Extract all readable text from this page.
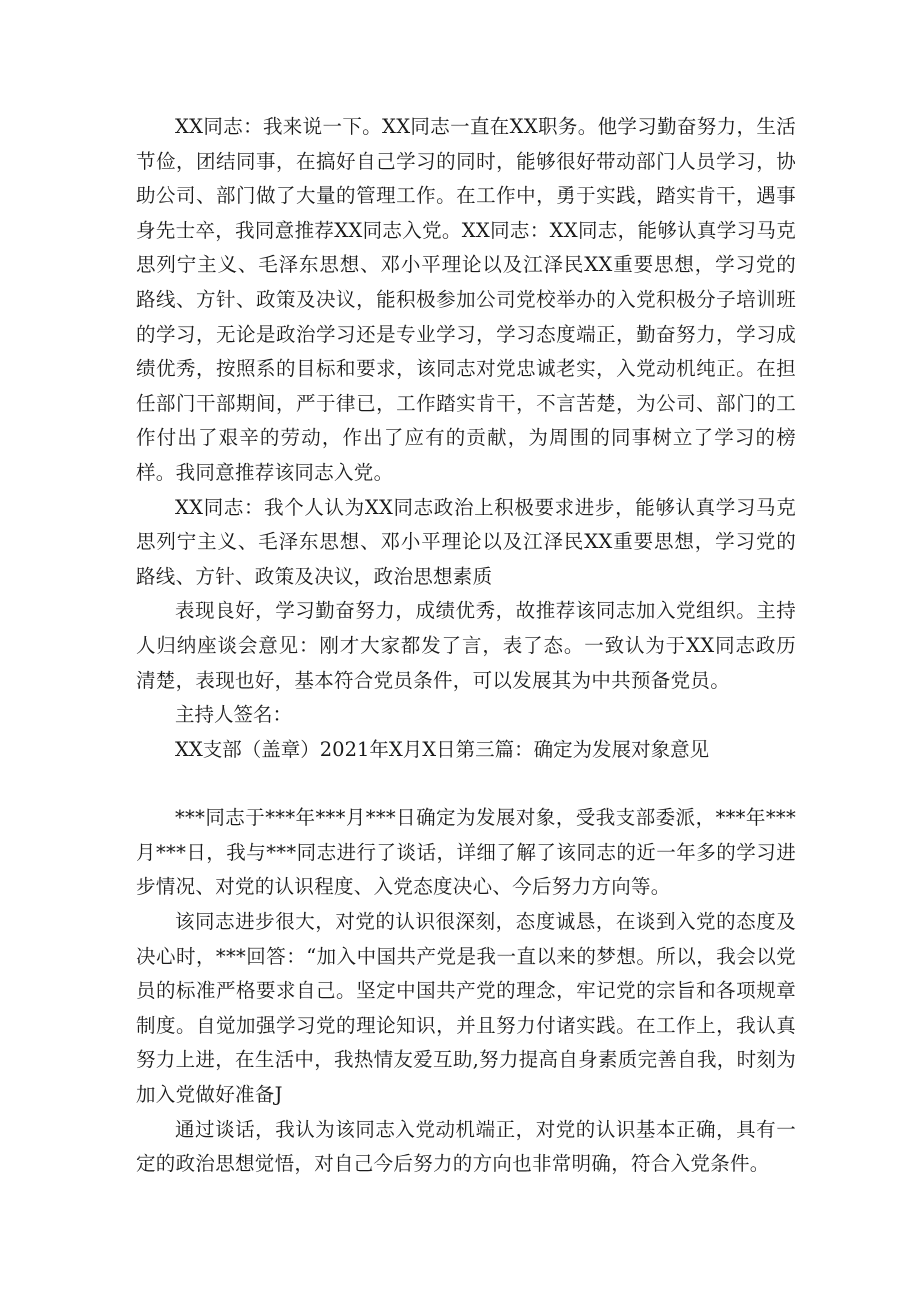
XX同志：我来说一下。XX同志一直在XX职务。他学习勤奋努力，生活节俭，团结同事，在搞好自己学习的同时，能够很好带动部门人员学习，协助公司、部门做了大量的管理工作。在工作中，勇于实践，踏实肯干，遇事身先士卒，我同意推荐XX同志入党。XX同志：XX同志，能够认真学习马克思列宁主义、毛泽东思想、邓小平理论以及江泽民XX重要思想，学习党的路线、方针、政策及决议，能积极参加公司党校举办的入党积极分子培训班的学习，无论是政治学习还是专业学习，学习态度端正，勤奋努力，学习成绩优秀，按照系的目标和要求，该同志对党忠诚老实，入党动机纯正。在担任部门干部期间，严于律已，工作踏实肯干，不言苦楚，为公司、部门的工作付出了艰辛的劳动，作出了应有的贡献，为周围的同事树立了学习的榜样。我同意推荐该同志入党。

XX同志：我个人认为XX同志政治上积极要求进步，能够认真学习马克思列宁主义、毛泽东思想、邓小平理论以及江泽民XX重要思想，学习党的路线、方针、政策及决议，政治思想素质

表现良好，学习勤奋努力，成绩优秀，故推荐该同志加入党组织。主持人归纳座谈会意见：刚才大家都发了言，表了态。一致认为于XX同志政历清楚，表现也好，基本符合党员条件，可以发展其为中共预备党员。

主持人签名：

XX支部（盖章）2021年X月X日第三篇：确定为发展对象意见

***同志于***年***月***日确定为发展对象，受我支部委派，***年***月***日，我与***同志进行了谈话，详细了解了该同志的近一年多的学习进步情况、对党的认识程度、入党态度决心、今后努力方向等。

该同志进步很大，对党的认识很深刻，态度诚恳，在谈到入党的态度及决心时，***回答：“加入中国共产党是我一直以来的梦想。所以，我会以党员的标准严格要求自己。坚定中国共产党的理念，牢记党的宗旨和各项规章制度。自觉加强学习党的理论知识，并且努力付诸实践。在工作上，我认真努力上进，在生活中，我热情友爱互助,努力提高自身素质完善自我，时刻为加入党做好准备J

通过谈话，我认为该同志入党动机端正，对党的认识基本正确，具有一定的政治思想觉悟，对自己今后努力的方向也非常明确，符合入党条件。
